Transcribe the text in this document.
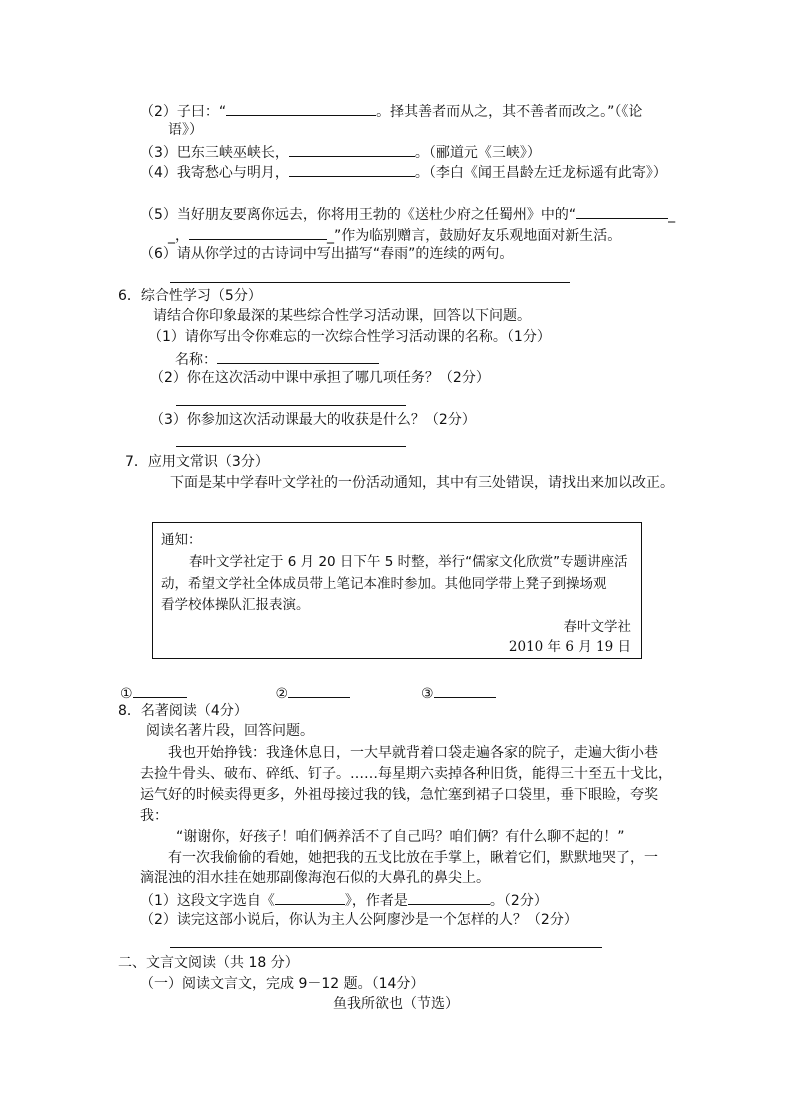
（2）子曰：“	。择其善者而从之，其不善者而改之。”（《论
语》）
（3）巴东三峡巫峡长，	。（郦道元《三峡》）
（4）我寄愁心与明月，	。（李白《闻王昌龄左迁龙标遥有此寄》）
（5）当好朋友要离你远去，你将用王勃的《送杜少府之任蜀州》中的“	_
_，	_”作为临别赠言，鼓励好友乐观地面对新生活。
（6）请从你学过的古诗词中写出描写“春雨”的连续的两句。
6．综合性学习（5分）
请结合你印象最深的某些综合性学习活动课，回答以下问题。
（1）请你写出令你难忘的一次综合性学习活动课的名称。（1分）
名称：
（2）你在这次活动中课中承担了哪几项任务？（2分）
（3）你参加这次活动课最大的收获是什么？（2分）
7．应用文常识（3分）
下面是某中学春叶文学社的一份活动通知，其中有三处错误，请找出来加以改正。
通知：
春叶文学社定于 6 月 20 日下午 5 时整，举行“儒家文化欣赏”专题讲座活
动，希望文学社全体成员带上笔记本准时参加。其他同学带上凳子到操场观
看学校体操队汇报表演。
春叶文学社
2010 年 6 月 19 日
①	②	③
8．名著阅读（4分）
阅读名著片段，回答问题。
我也开始挣钱：我逢休息日，一大早就背着口袋走遍各家的院子，走遍大街小巷
去捡牛骨头、破布、碎纸、钉子。……每星期六卖掉各种旧货，能得三十至五十戈比，
运气好的时候卖得更多，外祖母接过我的钱，急忙塞到裙子口袋里，垂下眼睑，夸奖
我：
“谢谢你，好孩子！咱们俩养活不了自己吗？咱们俩？有什么聊不起的！”
有一次我偷偷的看她，她把我的五戈比放在手掌上，瞅着它们，默默地哭了，一
滴混浊的泪水挂在她那副像海泡石似的大鼻孔的鼻尖上。
（1）这段文字选自《	》，作者是	。（2分）
（2）读完这部小说后，你认为主人公阿廖沙是一个怎样的人？（2分）
二、文言文阅读（共 18 分）
（一）阅读文言文，完成 9－12 题。（14分）
鱼我所欲也（节选）
